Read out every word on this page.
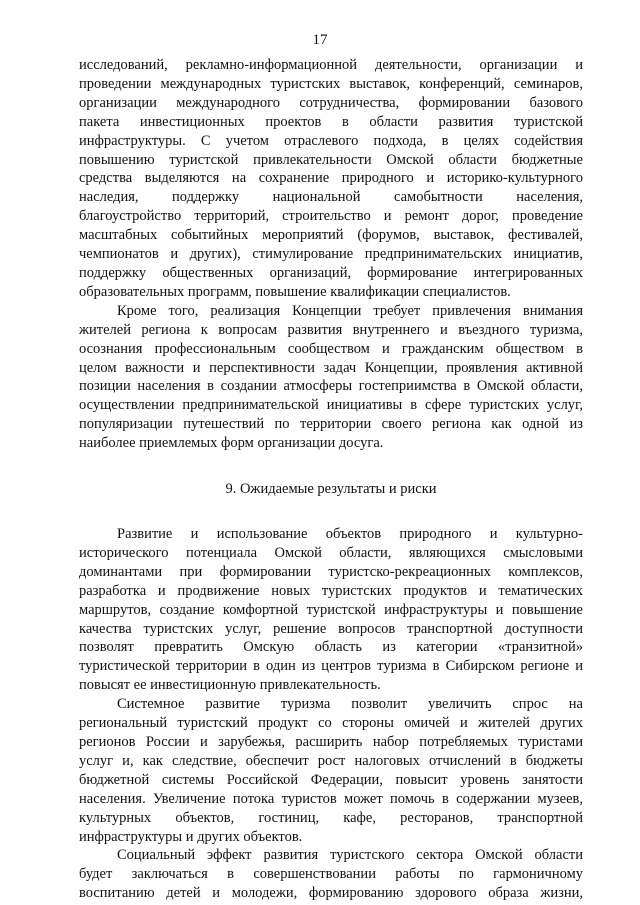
17

исследований, рекламно-информационной деятельности, организации и
проведении международных туристских выставок, конференций, семинаров,
организации международного сотрудничества, формировании базового
пакета инвестиционных проектов в области развития туристской
инфраструктуры. С учетом отраслевого подхода, в целях содействия
повышению туристской привлекательности Омской области бюджетные
средства выделяются на сохранение природного и историко-культурного
наследия, поддержку национальной самобытности населения,
благоустройство территорий, строительство и ремонт дорог, проведение
масштабных событийных мероприятий (форумов, выставок, фестивалей,
чемпионатов и других), стимулирование предпринимательских инициатив,
поддержку общественных организаций, формирование интегрированных
образовательных программ, повышение квалификации специалистов.

Кроме того, реализация Концепции требует привлечения внимания
жителей региона к вопросам развития внутреннего и въездного туризма,
осознания профессиональным сообществом и гражданским обществом в
целом важности и перспективности задач Концепции, проявления активной
позиции населения в создании атмосферы гостеприимства в Омской области,
осуществлении предпринимательской инициативы в сфере туристских услуг,
популяризации путешествий по территории своего региона как одной из
наиболее приемлемых форм организации досуга.

9. Ожидаемые результаты и риски

Развитие и использование объектов природного и культурно-
исторического потенциала Омской области, являющихся смысловыми
доминантами при формировании туристско-рекреационных комплексов,
разработка и продвижение новых туристских продуктов и тематических
маршрутов, создание комфортной туристской инфраструктуры и повышение
качества туристских услуг, решение вопросов транспортной доступности
позволят превратить Омскую область из категории «транзитной»
туристической территории в один из центров туризма в Сибирском регионе и
повысят ее инвестиционную привлекательность.

Системное развитие туризма позволит увеличить спрос на
региональный туристский продукт со стороны омичей и жителей других
регионов России и зарубежья, расширить набор потребляемых туристами
услуг и, как следствие, обеспечит рост налоговых отчислений в бюджеты
бюджетной системы Российской Федерации, повысит уровень занятости
населения. Увеличение потока туристов может помочь в содержании музеев,
культурных объектов, гостиниц, кафе, ресторанов, транспортной
инфраструктуры и других объектов.

Социальный эффект развития туристского сектора Омской области
будет заключаться в совершенствовании работы по гармоничному
воспитанию детей и молодежи, формированию здорового образа жизни,
